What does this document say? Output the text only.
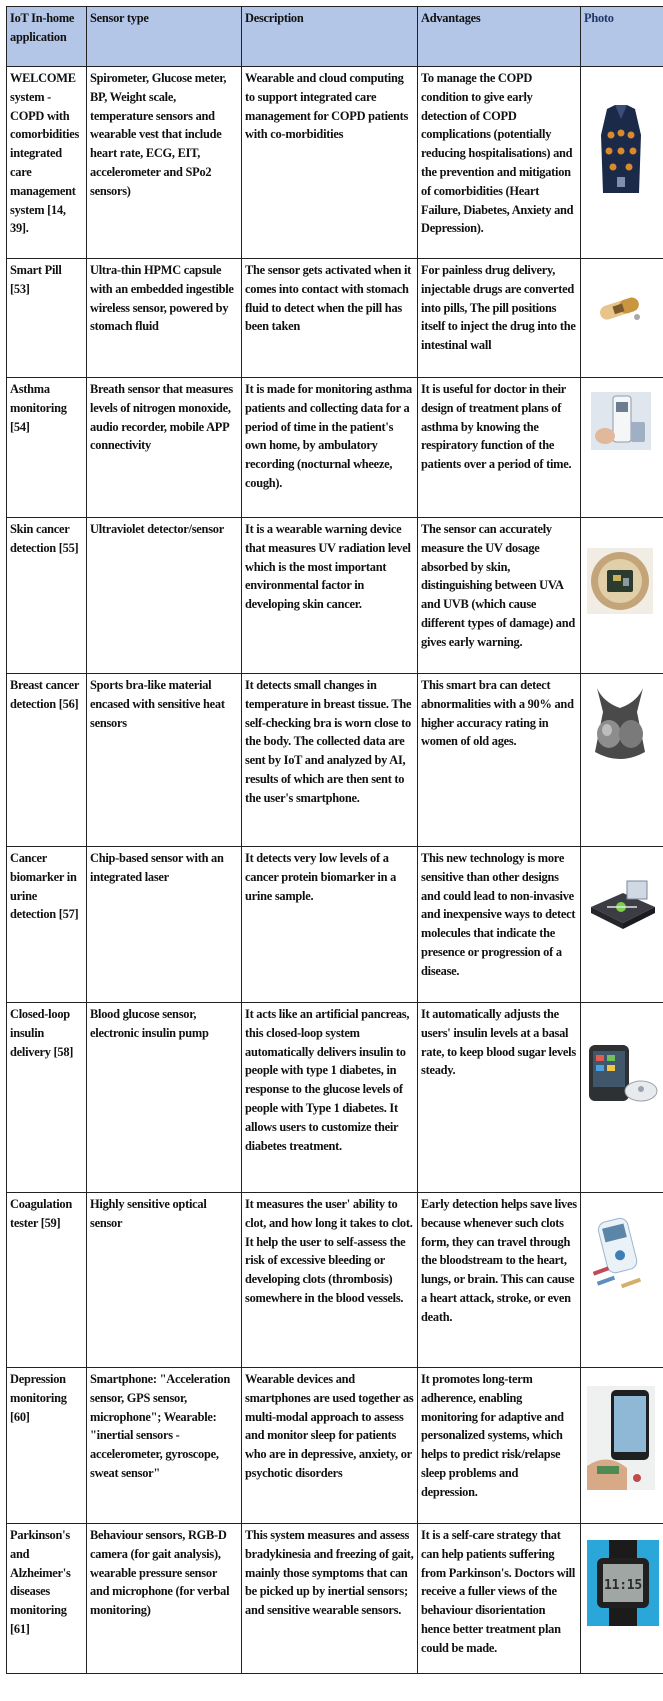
IoT In-home application	Sensor type	Description	Advantages	Photo
WELCOME system - COPD with comorbidities integrated care management system [14, 39].	Spirometer, Glucose meter, BP, Weight scale, temperature sensors and wearable vest that include heart rate, ECG, EIT, accelerometer and SPo2 sensors)	Wearable and cloud computing to support integrated care management for COPD patients with co-morbidities	To manage the COPD condition to give early detection of COPD complications (potentially reducing hospitalisations) and the prevention and mitigation of comorbidities (Heart Failure, Diabetes, Anxiety and Depression).	

Smart Pill [53]	Ultra-thin HPMC capsule with an embedded ingestible wireless sensor, powered by stomach fluid	The sensor gets activated when it comes into contact with stomach fluid to detect when the pill has been taken	For painless drug delivery, injectable drugs are converted into pills, The pill positions itself to inject the drug into the intestinal wall	

Asthma monitoring [54]	Breath sensor that measures levels of nitrogen monoxide, audio recorder, mobile APP connectivity	It is made for monitoring asthma patients and collecting data for a period of time in the patient's own home, by ambulatory recording (nocturnal wheeze, cough).	It is useful for doctor in their design of treatment plans of asthma by knowing the respiratory function of the patients over a period of time.	

Skin cancer detection [55]	Ultraviolet detector/sensor	It is a wearable warning device that measures UV radiation level which is the most important environmental factor in developing skin cancer.	The sensor can accurately measure the UV dosage absorbed by skin, distinguishing between UVA and UVB (which cause different types of damage) and gives early warning.	

Breast cancer detection [56]	Sports bra-like material encased with sensitive heat sensors	It detects small changes in temperature in breast tissue. The self-checking bra is worn close to the body. The collected data are sent by IoT and analyzed by AI, results of which are then sent to the user's smartphone.	This smart bra can detect abnormalities with a 90% and higher accuracy rating in women of old ages.	

Cancer biomarker in urine detection [57]	Chip-based sensor with an integrated laser	It detects very low levels of a cancer protein biomarker in a urine sample.	This new technology is more sensitive than other designs and could lead to non-invasive and inexpensive ways to detect molecules that indicate the presence or progression of a disease.	

Closed-loop insulin delivery [58]	Blood glucose sensor, electronic insulin pump	It acts like an artificial pancreas, this closed-loop system automatically delivers insulin to people with type 1 diabetes, in response to the glucose levels of people with Type 1 diabetes. It allows users to customize their diabetes treatment.	It automatically adjusts the users' insulin levels at a basal rate, to keep blood sugar levels steady.	

Coagulation tester [59]	Highly sensitive optical sensor	It measures the user' ability to clot, and how long it takes to clot. It help the user to self-assess the risk of excessive bleeding or developing clots (thrombosis) somewhere in the blood vessels.	Early detection helps save lives because whenever such clots form, they can travel through the bloodstream to the heart, lungs, or brain. This can cause a heart attack, stroke, or even death.	

Depression monitoring [60]	Smartphone: "Acceleration sensor, GPS sensor, microphone"; Wearable: "inertial sensors - accelerometer, gyroscope, sweat sensor"	Wearable devices and smartphones are used together as multi-modal approach to assess and monitor sleep for patients who are in depressive, anxiety, or psychotic disorders	It promotes long-term adherence, enabling monitoring for adaptive and personalized systems, which helps to predict risk/relapse sleep problems and depression.	

Parkinson's and Alzheimer's diseases monitoring [61]	Behaviour sensors, RGB-D camera (for gait analysis), wearable pressure sensor and microphone (for verbal monitoring)	This system measures and assess bradykinesia and freezing of gait, mainly those symptoms that can be picked up by inertial sensors; and sensitive wearable sensors.	It is a self-care strategy that can help patients suffering from Parkinson's. Doctors will receive a fuller views of the behaviour disorientation hence better treatment plan could be made.	11:15
